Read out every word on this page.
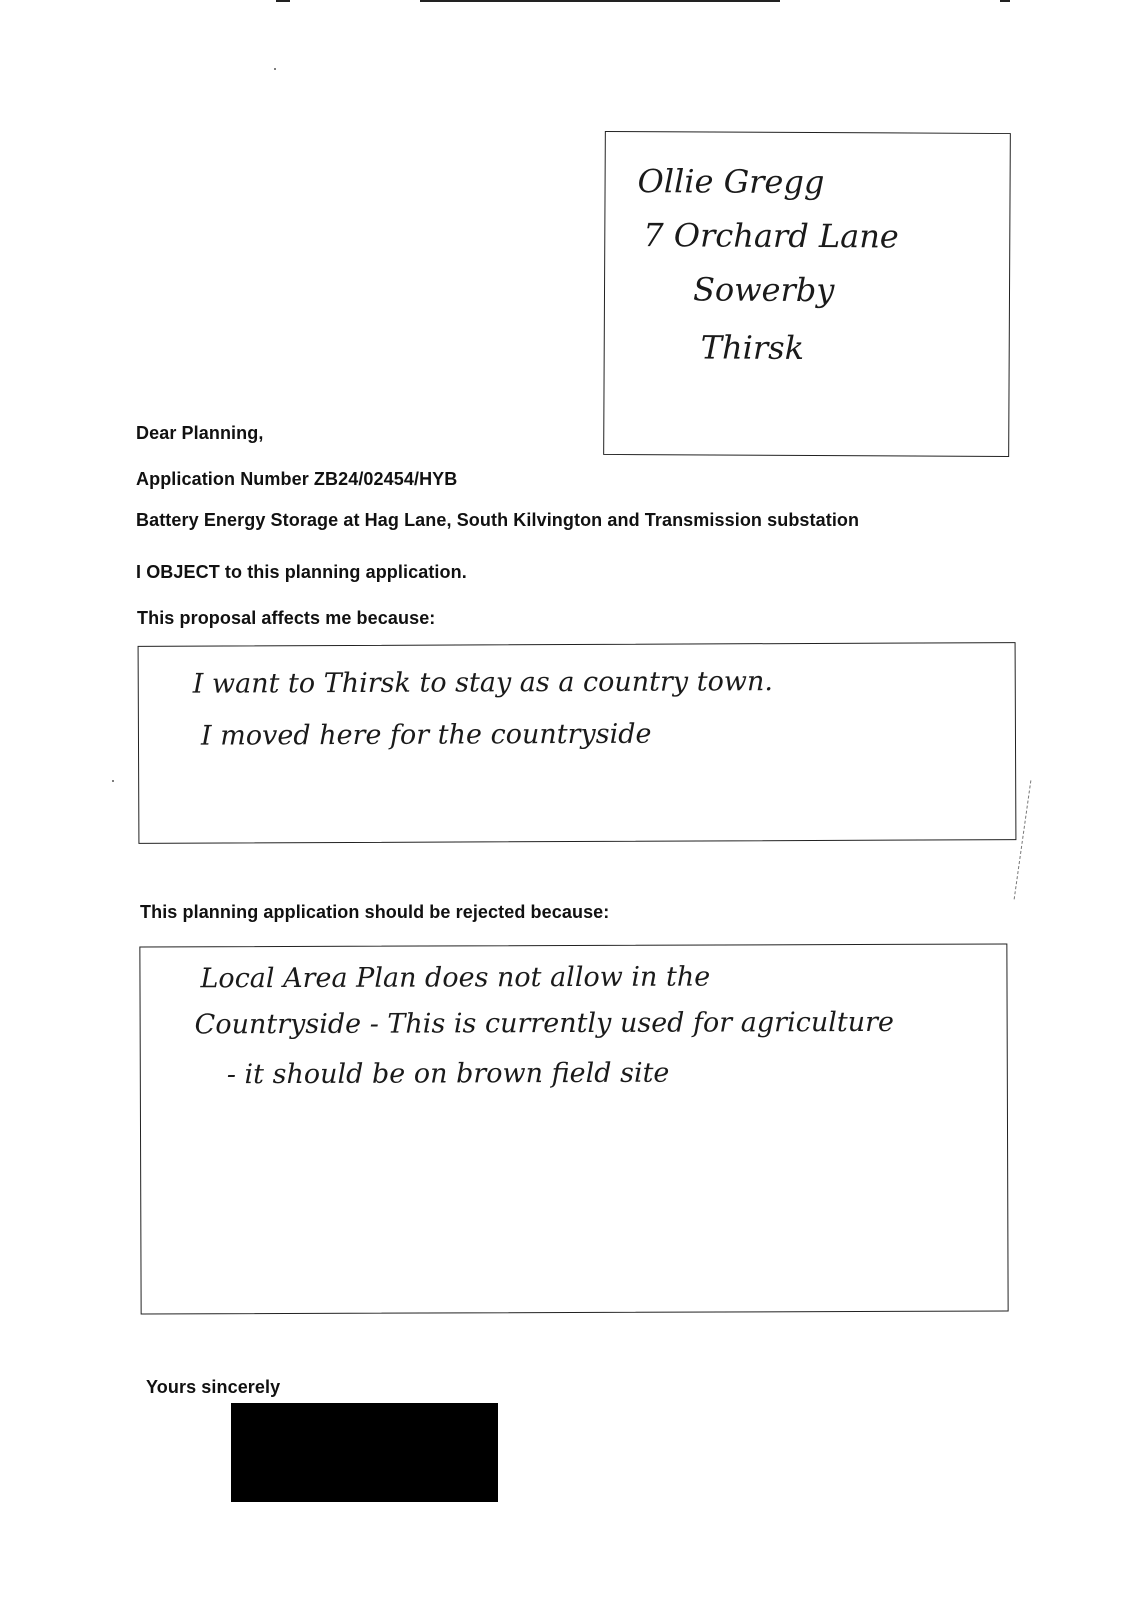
Ollie Gregg
7 Orchard Lane
Sowerby
Thirsk
Dear Planning,
Application Number ZB24/02454/HYB
Battery Energy Storage at Hag Lane, South Kilvington and Transmission substation
I OBJECT to this planning application.
This proposal affects me because:
I want to Thirsk to stay as a country town.
I moved here for the countryside
This planning application should be rejected because:
Local Area Plan does not allow in the
Countryside - This is currently used for agriculture
- it should be on brown field site
Yours sincerely
